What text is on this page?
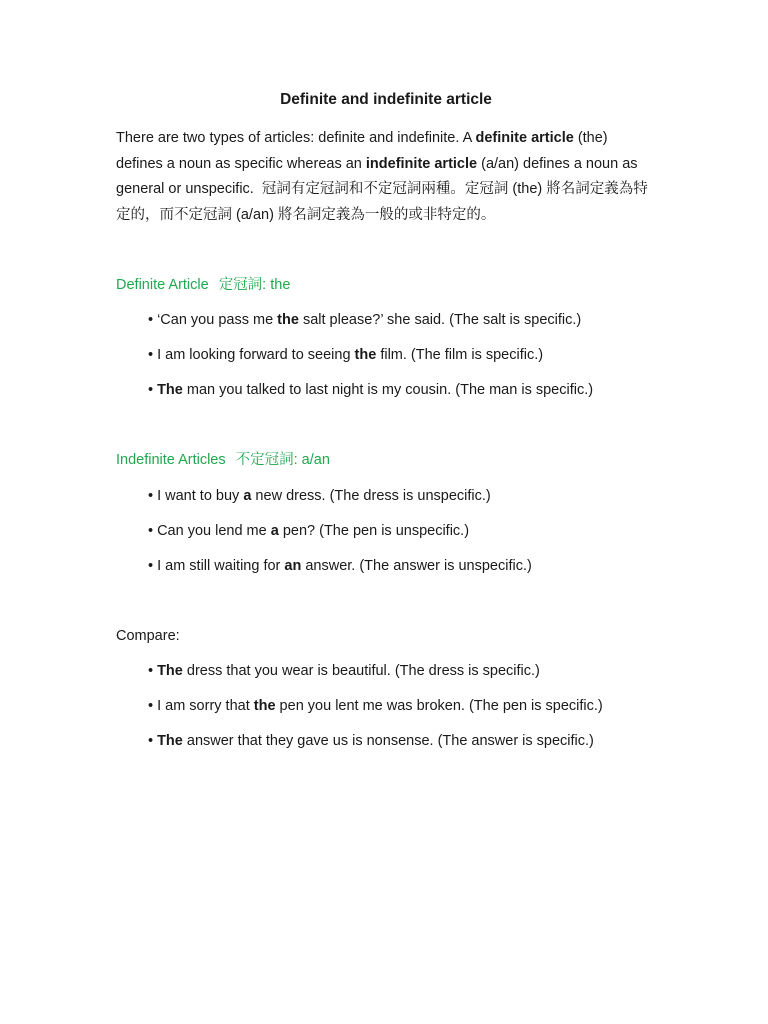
Definite and indefinite article

There are two types of articles: definite and indefinite. A definite article (the) defines a noun as specific whereas an indefinite article (a/an) defines a noun as general or unspecific. 冠詞有定冠詞和不定冠詞兩種。定冠詞 (the) 將名詞定義為特定的，而不定冠詞 (a/an) 將名詞定義為一般的或非特定的。

Definite Article 定冠詞: the

• ‘Can you pass me the salt please?’ she said. (The salt is specific.)
• I am looking forward to seeing the film. (The film is specific.)
• The man you talked to last night is my cousin. (The man is specific.)

Indefinite Articles 不定冠詞: a/an

• I want to buy a new dress. (The dress is unspecific.)
• Can you lend me a pen? (The pen is unspecific.)
• I am still waiting for an answer. (The answer is unspecific.)

Compare:

• The dress that you wear is beautiful. (The dress is specific.)
• I am sorry that the pen you lent me was broken. (The pen is specific.)
• The answer that they gave us is nonsense. (The answer is specific.)
